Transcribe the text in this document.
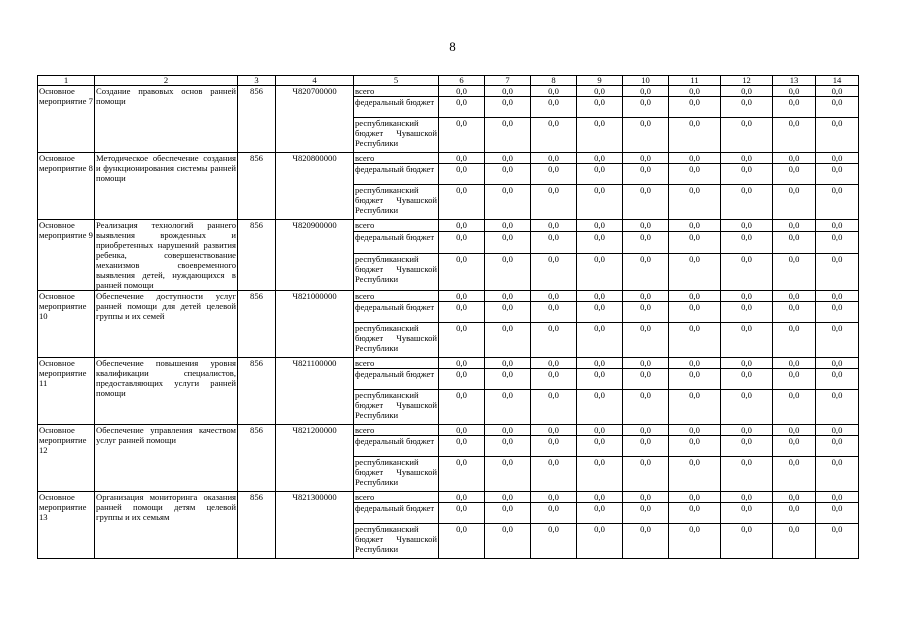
8
1	2	3	4	5	6	7	8	9	10	11	12	13	14
Основное мероприятие 7	Создание правовых основ ранней помощи	856	Ч820700000	всего	0,0	0,0	0,0	0,0	0,0	0,0	0,0	0,0	0,0
				федеральный бюджет	0,0	0,0	0,0	0,0	0,0	0,0	0,0	0,0	0,0
				республиканский бюджет Чувашской Республики	0,0	0,0	0,0	0,0	0,0	0,0	0,0	0,0	0,0
Основное мероприятие 8	Методическое обеспечение создания и функционирования системы ранней помощи	856	Ч820800000	всего	0,0	0,0	0,0	0,0	0,0	0,0	0,0	0,0	0,0
				федеральный бюджет	0,0	0,0	0,0	0,0	0,0	0,0	0,0	0,0	0,0
				республиканский бюджет Чувашской Республики	0,0	0,0	0,0	0,0	0,0	0,0	0,0	0,0	0,0
Основное мероприятие 9	Реализация технологий раннего выявления врожденных и приобретенных нарушений развития ребенка, совершенствование механизмов своевременного выявления детей, нуждающихся в ранней помощи	856	Ч820900000	всего	0,0	0,0	0,0	0,0	0,0	0,0	0,0	0,0	0,0
				федеральный бюджет	0,0	0,0	0,0	0,0	0,0	0,0	0,0	0,0	0,0
				республиканский бюджет Чувашской Республики	0,0	0,0	0,0	0,0	0,0	0,0	0,0	0,0	0,0
Основное мероприятие 10	Обеспечение доступности услуг ранней помощи для детей целевой группы и их семей	856	Ч821000000	всего	0,0	0,0	0,0	0,0	0,0	0,0	0,0	0,0	0,0
				федеральный бюджет	0,0	0,0	0,0	0,0	0,0	0,0	0,0	0,0	0,0
				республиканский бюджет Чувашской Республики	0,0	0,0	0,0	0,0	0,0	0,0	0,0	0,0	0,0
Основное мероприятие 11	Обеспечение повышения уровня квалификации специалистов, предоставляющих услуги ранней помощи	856	Ч821100000	всего	0,0	0,0	0,0	0,0	0,0	0,0	0,0	0,0	0,0
				федеральный бюджет	0,0	0,0	0,0	0,0	0,0	0,0	0,0	0,0	0,0
				республиканский бюджет Чувашской Республики	0,0	0,0	0,0	0,0	0,0	0,0	0,0	0,0	0,0
Основное мероприятие 12	Обеспечение управления качеством услуг ранней помощи	856	Ч821200000	всего	0,0	0,0	0,0	0,0	0,0	0,0	0,0	0,0	0,0
				федеральный бюджет	0,0	0,0	0,0	0,0	0,0	0,0	0,0	0,0	0,0
				республиканский бюджет Чувашской Республики	0,0	0,0	0,0	0,0	0,0	0,0	0,0	0,0	0,0
Основное мероприятие 13	Организация мониторинга оказания ранней помощи детям целевой группы и их семьям	856	Ч821300000	всего	0,0	0,0	0,0	0,0	0,0	0,0	0,0	0,0	0,0
				федеральный бюджет	0,0	0,0	0,0	0,0	0,0	0,0	0,0	0,0	0,0
				республиканский бюджет Чувашской Республики	0,0	0,0	0,0	0,0	0,0	0,0	0,0	0,0	0,0
